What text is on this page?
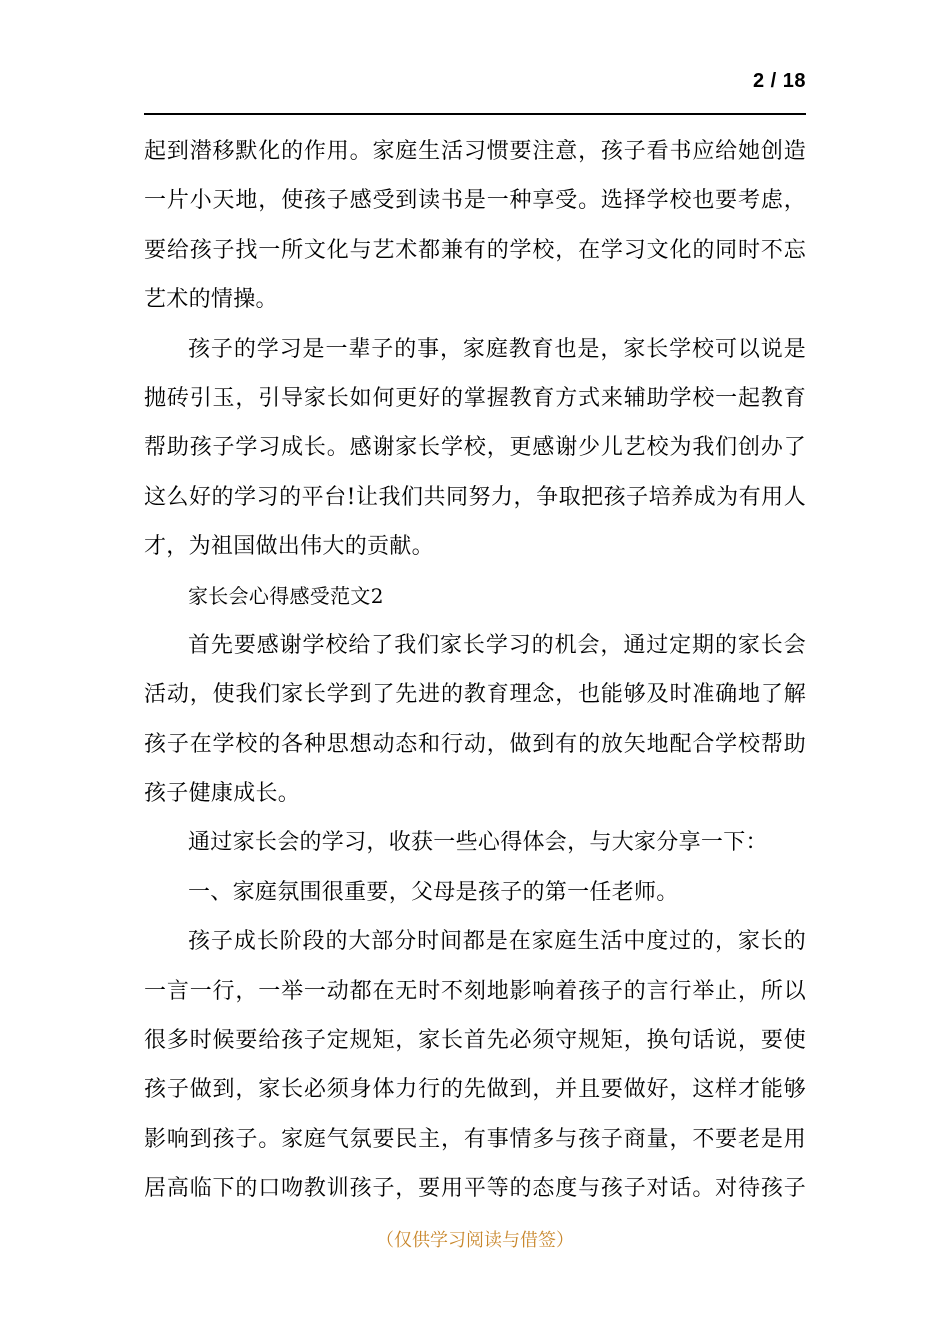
2 / 18
起到潜移默化的作用。家庭生活习惯要注意，孩子看书应给她创造
一片小天地，使孩子感受到读书是一种享受。选择学校也要考虑，
要给孩子找一所文化与艺术都兼有的学校，在学习文化的同时不忘
艺术的情操。
孩子的学习是一辈子的事，家庭教育也是，家长学校可以说是
抛砖引玉，引导家长如何更好的掌握教育方式来辅助学校一起教育
帮助孩子学习成长。感谢家长学校，更感谢少儿艺校为我们创办了
这么好的学习的平台!让我们共同努力，争取把孩子培养成为有用人
才，为祖国做出伟大的贡献。
家长会心得感受范文2
首先要感谢学校给了我们家长学习的机会，通过定期的家长会
活动，使我们家长学到了先进的教育理念，也能够及时准确地了解
孩子在学校的各种思想动态和行动，做到有的放矢地配合学校帮助
孩子健康成长。
通过家长会的学习，收获一些心得体会，与大家分享一下：
一、家庭氛围很重要，父母是孩子的第一任老师。
孩子成长阶段的大部分时间都是在家庭生活中度过的，家长的
一言一行，一举一动都在无时不刻地影响着孩子的言行举止，所以
很多时候要给孩子定规矩，家长首先必须守规矩，换句话说，要使
孩子做到，家长必须身体力行的先做到，并且要做好，这样才能够
影响到孩子。家庭气氛要民主，有事情多与孩子商量，不要老是用
居高临下的口吻教训孩子，要用平等的态度与孩子对话。对待孩子
（仅供学习阅读与借签）
